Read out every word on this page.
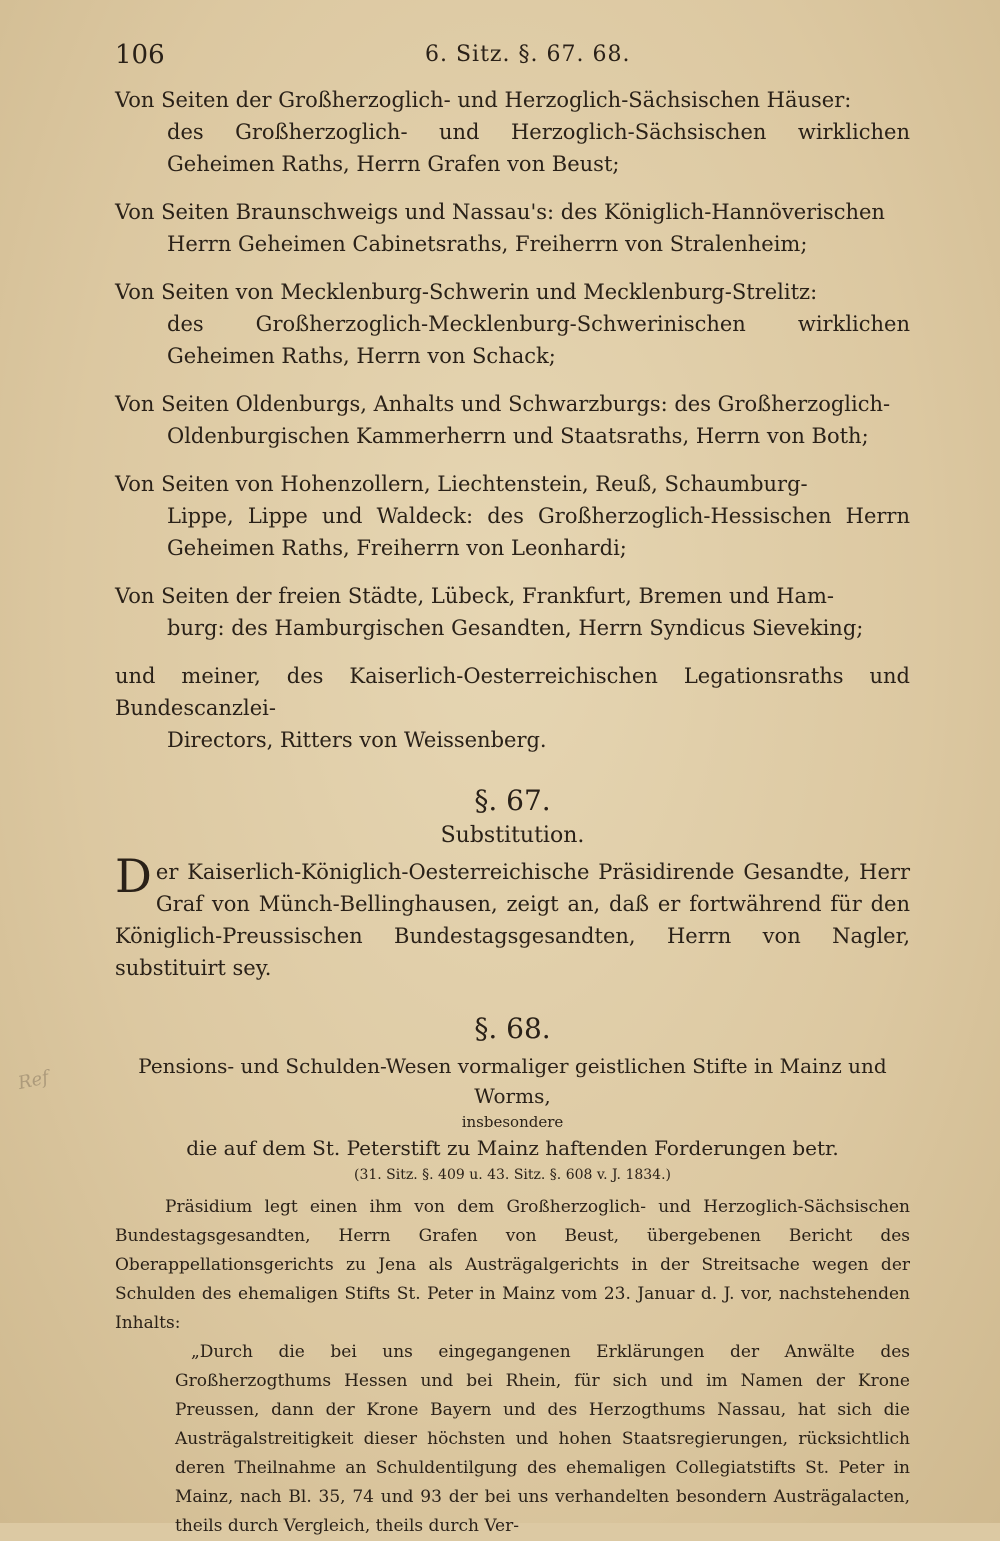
106	6. Sitz. §. 67. 68.
Ref

Von Seiten der Großherzoglich- und Herzoglich-Sächsischen Häuser:
des Großherzoglich- und Herzoglich-Sächsischen wirklichen Geheimen Raths, Herrn Grafen von Beust;

Von Seiten Braunschweigs und Nassau's: des Königlich-Hannöverischen
Herrn Geheimen Cabinetsraths, Freiherrn von Stralenheim;

Von Seiten von Mecklenburg-Schwerin und Mecklenburg-Strelitz:
des Großherzoglich-Mecklenburg-Schwerinischen wirklichen Geheimen Raths, Herrn von Schack;

Von Seiten Oldenburgs, Anhalts und Schwarzburgs: des Großherzoglich-
Oldenburgischen Kammerherrn und Staatsraths, Herrn von Both;

Von Seiten von Hohenzollern, Liechtenstein, Reuß, Schaumburg-
Lippe, Lippe und Waldeck: des Großherzoglich-Hessischen Herrn Geheimen Raths, Freiherrn von Leonhardi;

Von Seiten der freien Städte, Lübeck, Frankfurt, Bremen und Ham-
burg: des Hamburgischen Gesandten, Herrn Syndicus Sieveking;

und meiner, des Kaiserlich-Oesterreichischen Legationsraths und Bundescanzlei-
Directors, Ritters von Weissenberg.

§. 67.
Substitution.

D er Kaiserlich-Königlich-Oesterreichische Präsidirende Gesandte, Herr Graf von Münch-Bellinghausen, zeigt an, daß er fortwährend für den Königlich-Preussischen Bundestagsgesandten, Herrn von Nagler, substituirt sey.

§. 68.
Pensions- und Schulden-Wesen vormaliger geistlichen Stifte in Mainz und Worms,
insbesondere
die auf dem St. Peterstift zu Mainz haftenden Forderungen betr.
(31. Sitz. §. 409 u. 43. Sitz. §. 608 v. J. 1834.)

Präsidium legt einen ihm von dem Großherzoglich- und Herzoglich-Sächsischen Bundestagsgesandten, Herrn Grafen von Beust, übergebenen Bericht des Oberappellationsgerichts zu Jena als Austrägalgerichts in der Streitsache wegen der Schulden des ehemaligen Stifts St. Peter in Mainz vom 23. Januar d. J. vor, nachstehenden Inhalts:

„Durch die bei uns eingegangenen Erklärungen der Anwälte des Großherzogthums Hessen und bei Rhein, für sich und im Namen der Krone Preussen, dann der Krone Bayern und des Herzogthums Nassau, hat sich die Austrägalstreitigkeit dieser höchsten und hohen Staatsregierungen, rücksichtlich deren Theilnahme an Schuldentilgung des ehemaligen Collegiatstifts St. Peter in Mainz, nach Bl. 35, 74 und 93 der bei uns verhandelten besondern Austrägalacten, theils durch Vergleich, theils durch Ver-
